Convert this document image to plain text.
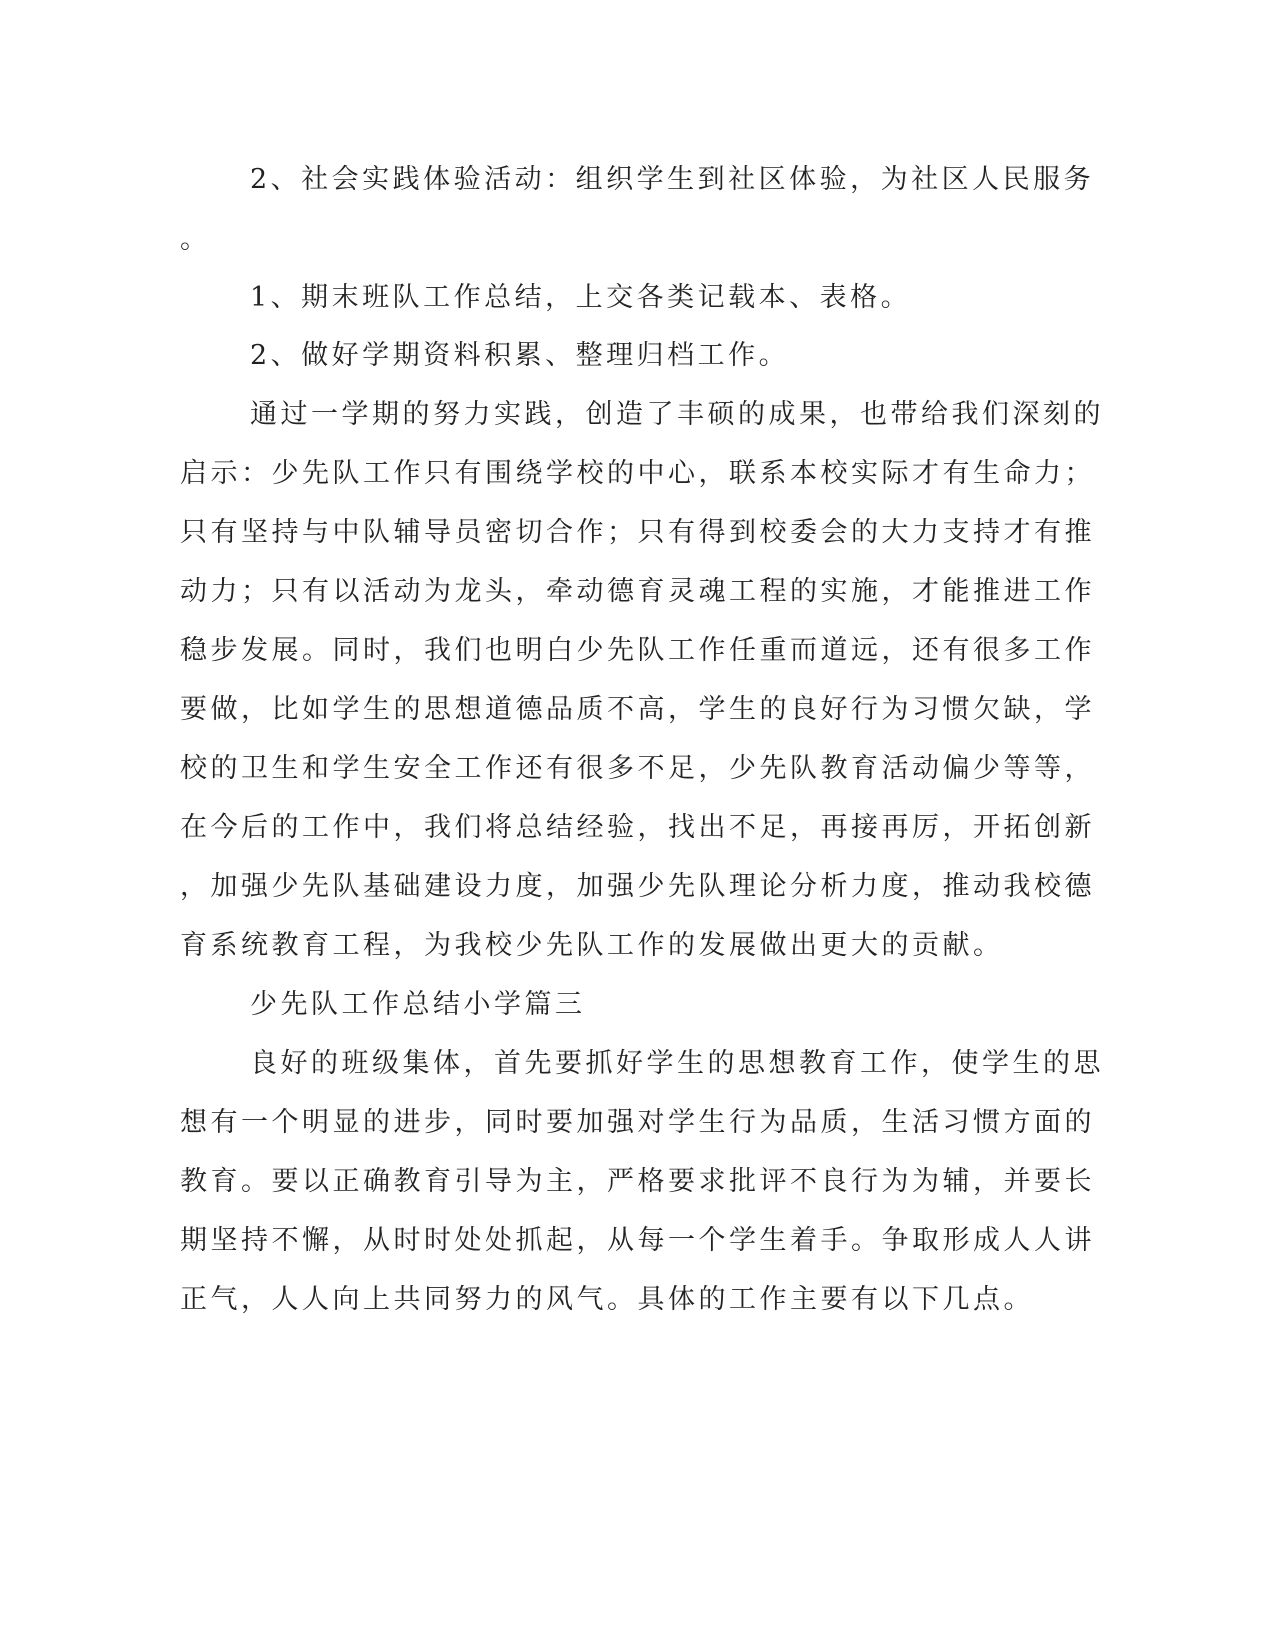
2、社会实践体验活动：组织学生到社区体验，为社区人民服务
。
1、期末班队工作总结，上交各类记载本、表格。
2、做好学期资料积累、整理归档工作。
通过一学期的努力实践，创造了丰硕的成果，也带给我们深刻的
启示：少先队工作只有围绕学校的中心，联系本校实际才有生命力；
只有坚持与中队辅导员密切合作；只有得到校委会的大力支持才有推
动力；只有以活动为龙头，牵动德育灵魂工程的实施，才能推进工作
稳步发展。同时，我们也明白少先队工作任重而道远，还有很多工作
要做，比如学生的思想道德品质不高，学生的良好行为习惯欠缺，学
校的卫生和学生安全工作还有很多不足，少先队教育活动偏少等等，
在今后的工作中，我们将总结经验，找出不足，再接再厉，开拓创新
，加强少先队基础建设力度，加强少先队理论分析力度，推动我校德
育系统教育工程，为我校少先队工作的发展做出更大的贡献。
少先队工作总结小学篇三
良好的班级集体，首先要抓好学生的思想教育工作，使学生的思
想有一个明显的进步，同时要加强对学生行为品质，生活习惯方面的
教育。要以正确教育引导为主，严格要求批评不良行为为辅，并要长
期坚持不懈，从时时处处抓起，从每一个学生着手。争取形成人人讲
正气，人人向上共同努力的风气。具体的工作主要有以下几点。
